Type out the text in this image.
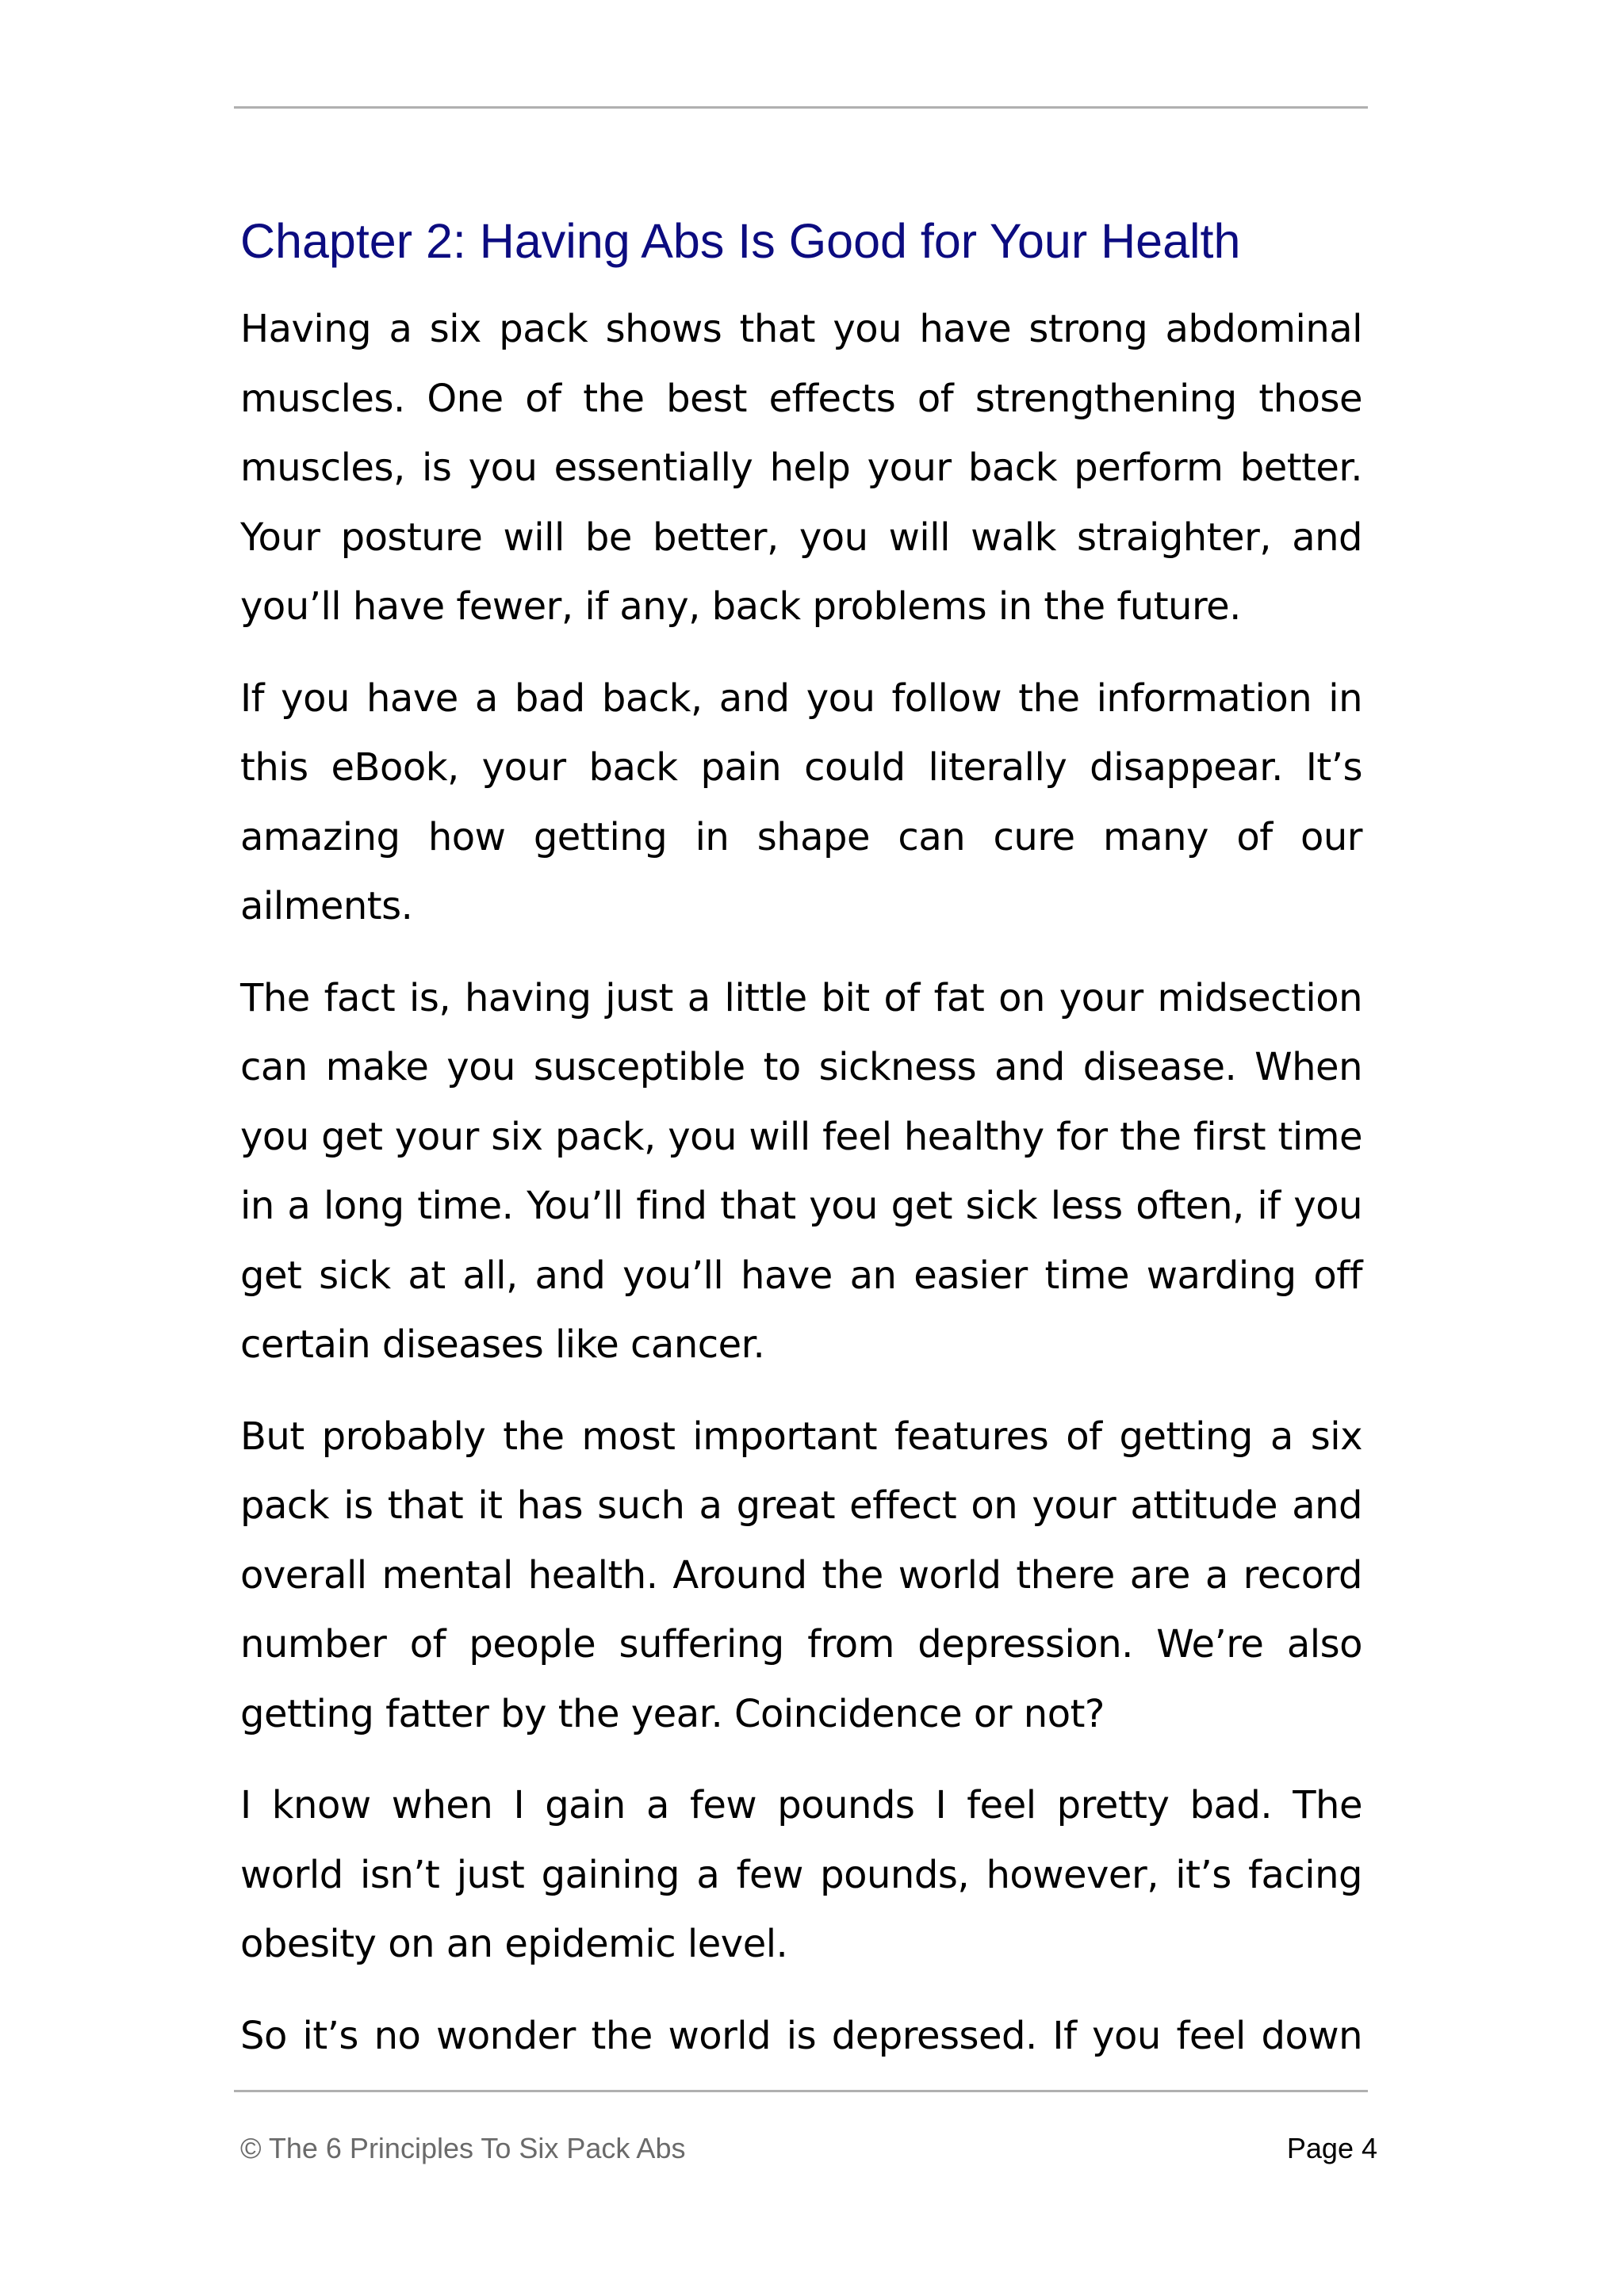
Chapter 2: Having Abs Is Good for Your Health

Having a six pack shows that you have strong abdominal muscles. One of the best effects of strengthening those muscles, is you essentially help your back perform better. Your posture will be better, you will walk straighter, and you’ll have fewer, if any, back problems in the future.

If you have a bad back, and you follow the information in this eBook, your back pain could literally disappear. It’s amazing how getting in shape can cure many of our ailments.

The fact is, having just a little bit of fat on your midsection can make you susceptible to sickness and disease. When you get your six pack, you will feel healthy for the first time in a long time. You’ll find that you get sick less often, if you get sick at all, and you’ll have an easier time warding off certain diseases like cancer.

But probably the most important features of getting a six pack is that it has such a great effect on your attitude and overall mental health. Around the world there are a record number of people suffering from depression. We’re also getting fatter by the year. Coincidence or not?

I know when I gain a few pounds I feel pretty bad. The world isn’t just gaining a few pounds, however, it’s facing obesity on an epidemic level.

So it’s no wonder the world is depressed. If you feel down

© The 6 Principles To Six Pack Abs	Page 4
